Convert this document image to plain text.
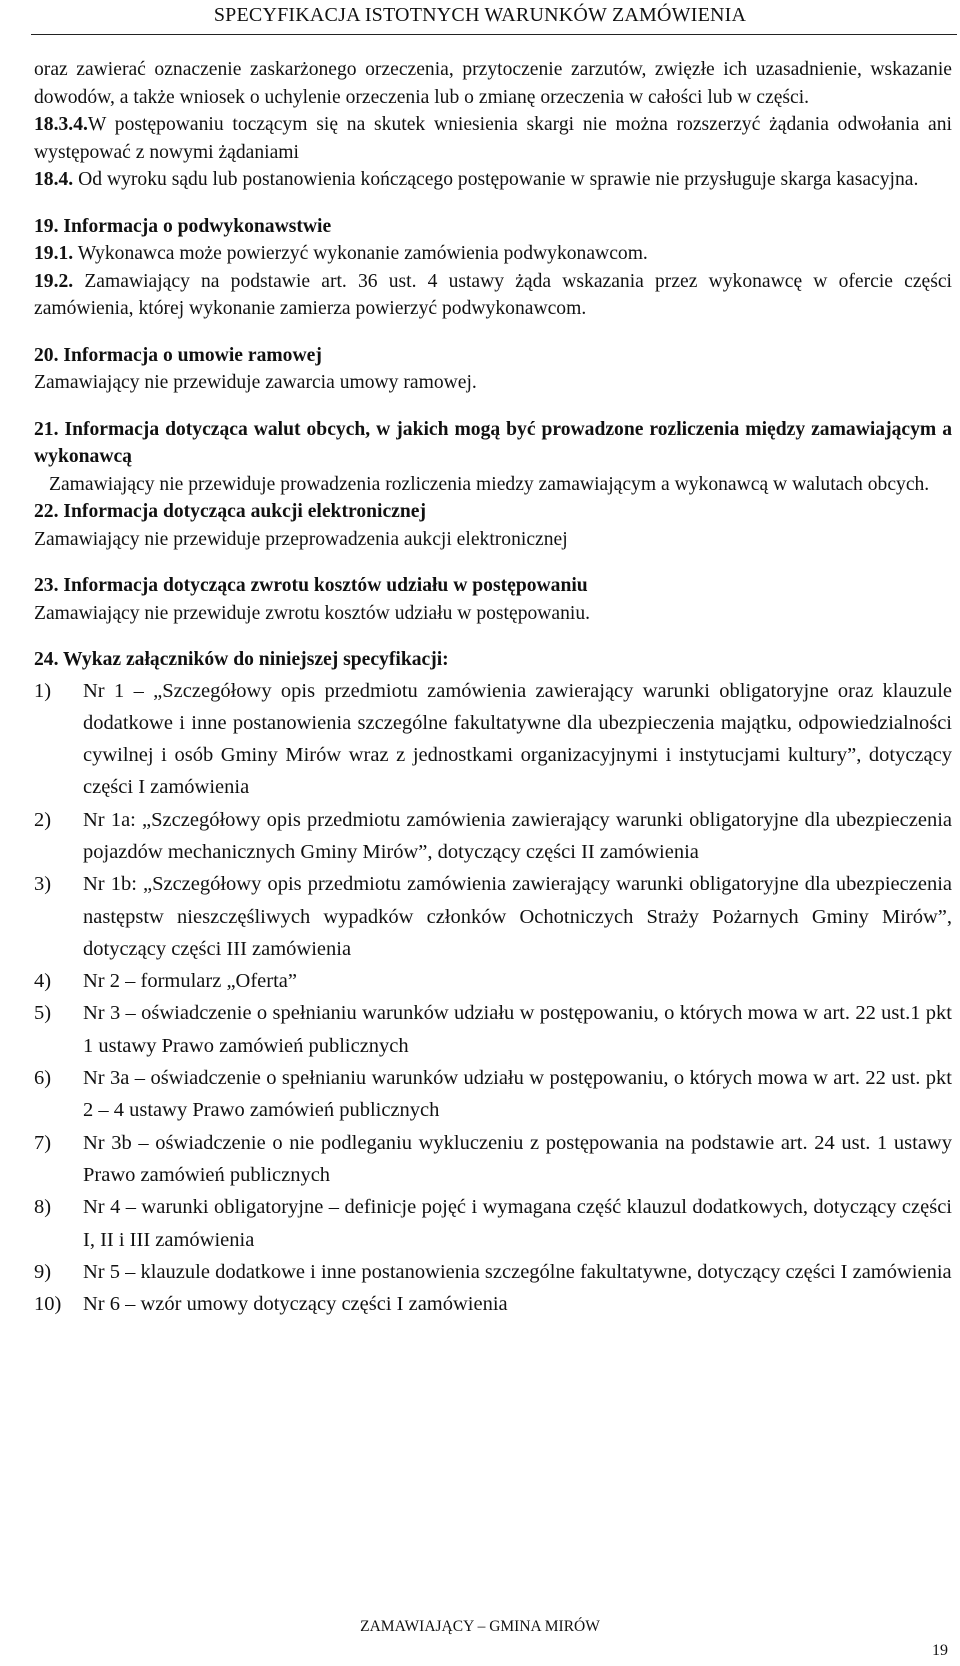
SPECYFIKACJA ISTOTNYCH WARUNKÓW ZAMÓWIENIA

oraz zawierać oznaczenie zaskarżonego orzeczenia, przytoczenie zarzutów, zwięzłe ich uzasadnienie, wskazanie dowodów, a także wniosek o uchylenie orzeczenia lub o zmianę orzeczenia w całości lub w części.

18.3.4.W postępowaniu toczącym się na skutek wniesienia skargi nie można rozszerzyć żądania odwołania ani występować z nowymi żądaniami

18.4. Od wyroku sądu lub postanowienia kończącego postępowanie w sprawie nie przysługuje skarga kasacyjna.

19. Informacja o podwykonawstwie

19.1. Wykonawca może powierzyć wykonanie zamówienia podwykonawcom.

19.2. Zamawiający na podstawie art. 36 ust. 4 ustawy żąda wskazania przez wykonawcę w ofercie części zamówienia, której wykonanie zamierza powierzyć podwykonawcom.

20. Informacja o umowie ramowej

Zamawiający nie przewiduje zawarcia umowy ramowej.

21. Informacja dotycząca walut obcych, w jakich mogą być prowadzone rozliczenia między zamawiającym a wykonawcą

Zamawiający nie przewiduje prowadzenia rozliczenia miedzy zamawiającym a wykonawcą w walutach obcych.

22. Informacja dotycząca aukcji elektronicznej

Zamawiający nie przewiduje przeprowadzenia aukcji elektronicznej

23. Informacja dotycząca zwrotu kosztów udziału w postępowaniu

Zamawiający nie przewiduje zwrotu kosztów udziału w postępowaniu.

24. Wykaz załączników do niniejszej specyfikacji:

1) Nr 1 – „Szczegółowy opis przedmiotu zamówienia zawierający warunki obligatoryjne oraz klauzule dodatkowe i inne postanowienia szczególne fakultatywne dla ubezpieczenia majątku, odpowiedzialności cywilnej i osób Gminy Mirów wraz z jednostkami organizacyjnymi i instytucjami kultury”, dotyczący części I zamówienia

2) Nr 1a: „Szczegółowy opis przedmiotu zamówienia zawierający warunki obligatoryjne dla ubezpieczenia pojazdów mechanicznych Gminy Mirów”, dotyczący części II zamówienia

3) Nr 1b: „Szczegółowy opis przedmiotu zamówienia zawierający warunki obligatoryjne dla ubezpieczenia następstw nieszczęśliwych wypadków członków Ochotniczych Straży Pożarnych Gminy Mirów”, dotyczący części III zamówienia

4) Nr 2 – formularz „Oferta”

5) Nr 3 – oświadczenie o spełnianiu warunków udziału w postępowaniu, o których mowa w art. 22 ust.1 pkt 1 ustawy Prawo zamówień publicznych

6) Nr 3a – oświadczenie o spełnianiu warunków udziału w postępowaniu, o których mowa w art. 22 ust. pkt 2 – 4 ustawy Prawo zamówień publicznych

7) Nr 3b – oświadczenie o nie podleganiu wykluczeniu z postępowania na podstawie art. 24 ust. 1 ustawy Prawo zamówień publicznych

8) Nr 4 – warunki obligatoryjne – definicje pojęć i wymagana część klauzul dodatkowych, dotyczący części I, II i III zamówienia

9) Nr 5 – klauzule dodatkowe i inne postanowienia szczególne fakultatywne, dotyczący części I zamówienia

10) Nr 6 – wzór umowy dotyczący części I zamówienia

ZAMAWIAJĄCY – GMINA MIRÓW
19
